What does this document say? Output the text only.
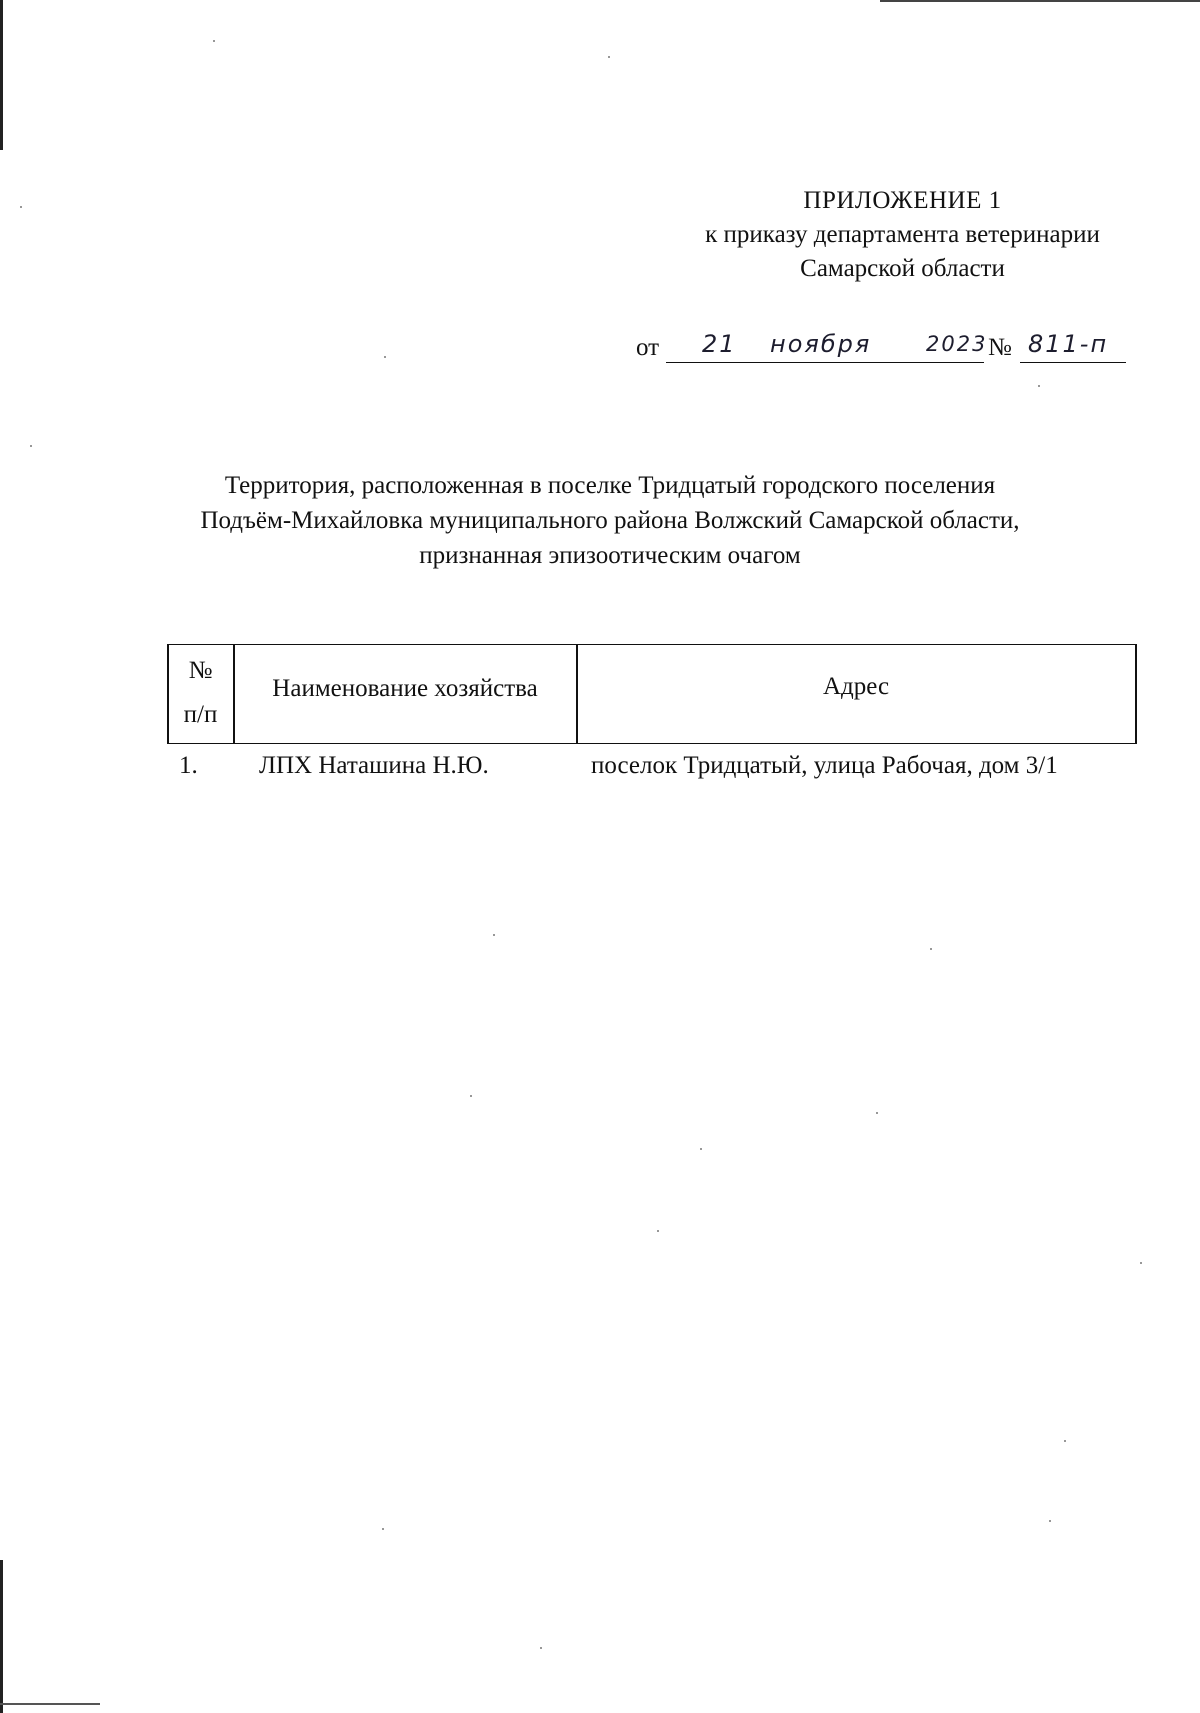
ПРИЛОЖЕНИЕ 1
к приказу департамента ветеринарии
Самарской области
от 21 ноября	2023 № 811-п
Территория, расположенная в поселке Тридцатый городского поселения
Подъём-Михайловка муниципального района Волжский Самарской области,
признанная эпизоотическим очагом
№
п/п
Наименование хозяйства	Адрес
1. ЛПХ Наташина Н.Ю.	поселок Тридцатый, улица Рабочая, дом 3/1
